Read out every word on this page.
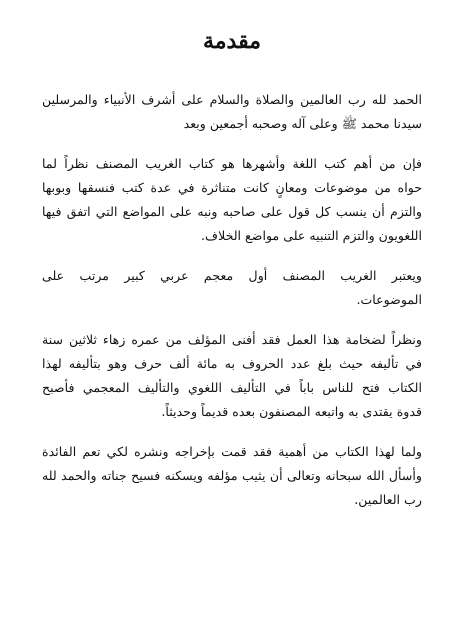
مقدمة
الحمد لله رب العالمين والصلاة والسلام على أشرف الأنبياء والمرسلين
سيدنا محمد ﷺ وعلى آله وصحبه أجمعين وبعد
فإن من أهم كتب اللغة وأشهرها هو كتاب الغريب المصنف نظراً لما
حواه من موضوعات ومعانٍ كانت متناثرة في عدة كتب فنسقها وبوبها
والتزم أن ينسب كل قول على صاحبه ونبه على المواضع التي اتفق فيها
اللغويون والتزم التنبيه على مواضع الخلاف.
ويعتبر الغريب المصنف أول معجم عربي كبير مرتب على
الموضوعات.
ونظراً لضخامة هذا العمل فقد أفنى المؤلف من عمره زهاء ثلاثين سنة
في تأليفه حيث بلغ عدد الحروف به مائة ألف حرف وهو بتأليفه لهذا
الكتاب فتح للناس باباً في التأليف اللغوي والتأليف المعجمي فأصبح
قدوة يقتدى به واتبعه المصنفون بعده قديماً وحديثاً.
ولما لهذا الكتاب من أهمية فقد قمت بإخراجه ونشره لكي تعم الفائدة
وأسأل الله سبحانه وتعالى أن يثيب مؤلفه ويسكنه فسيح جناته والحمد لله
رب العالمين.
